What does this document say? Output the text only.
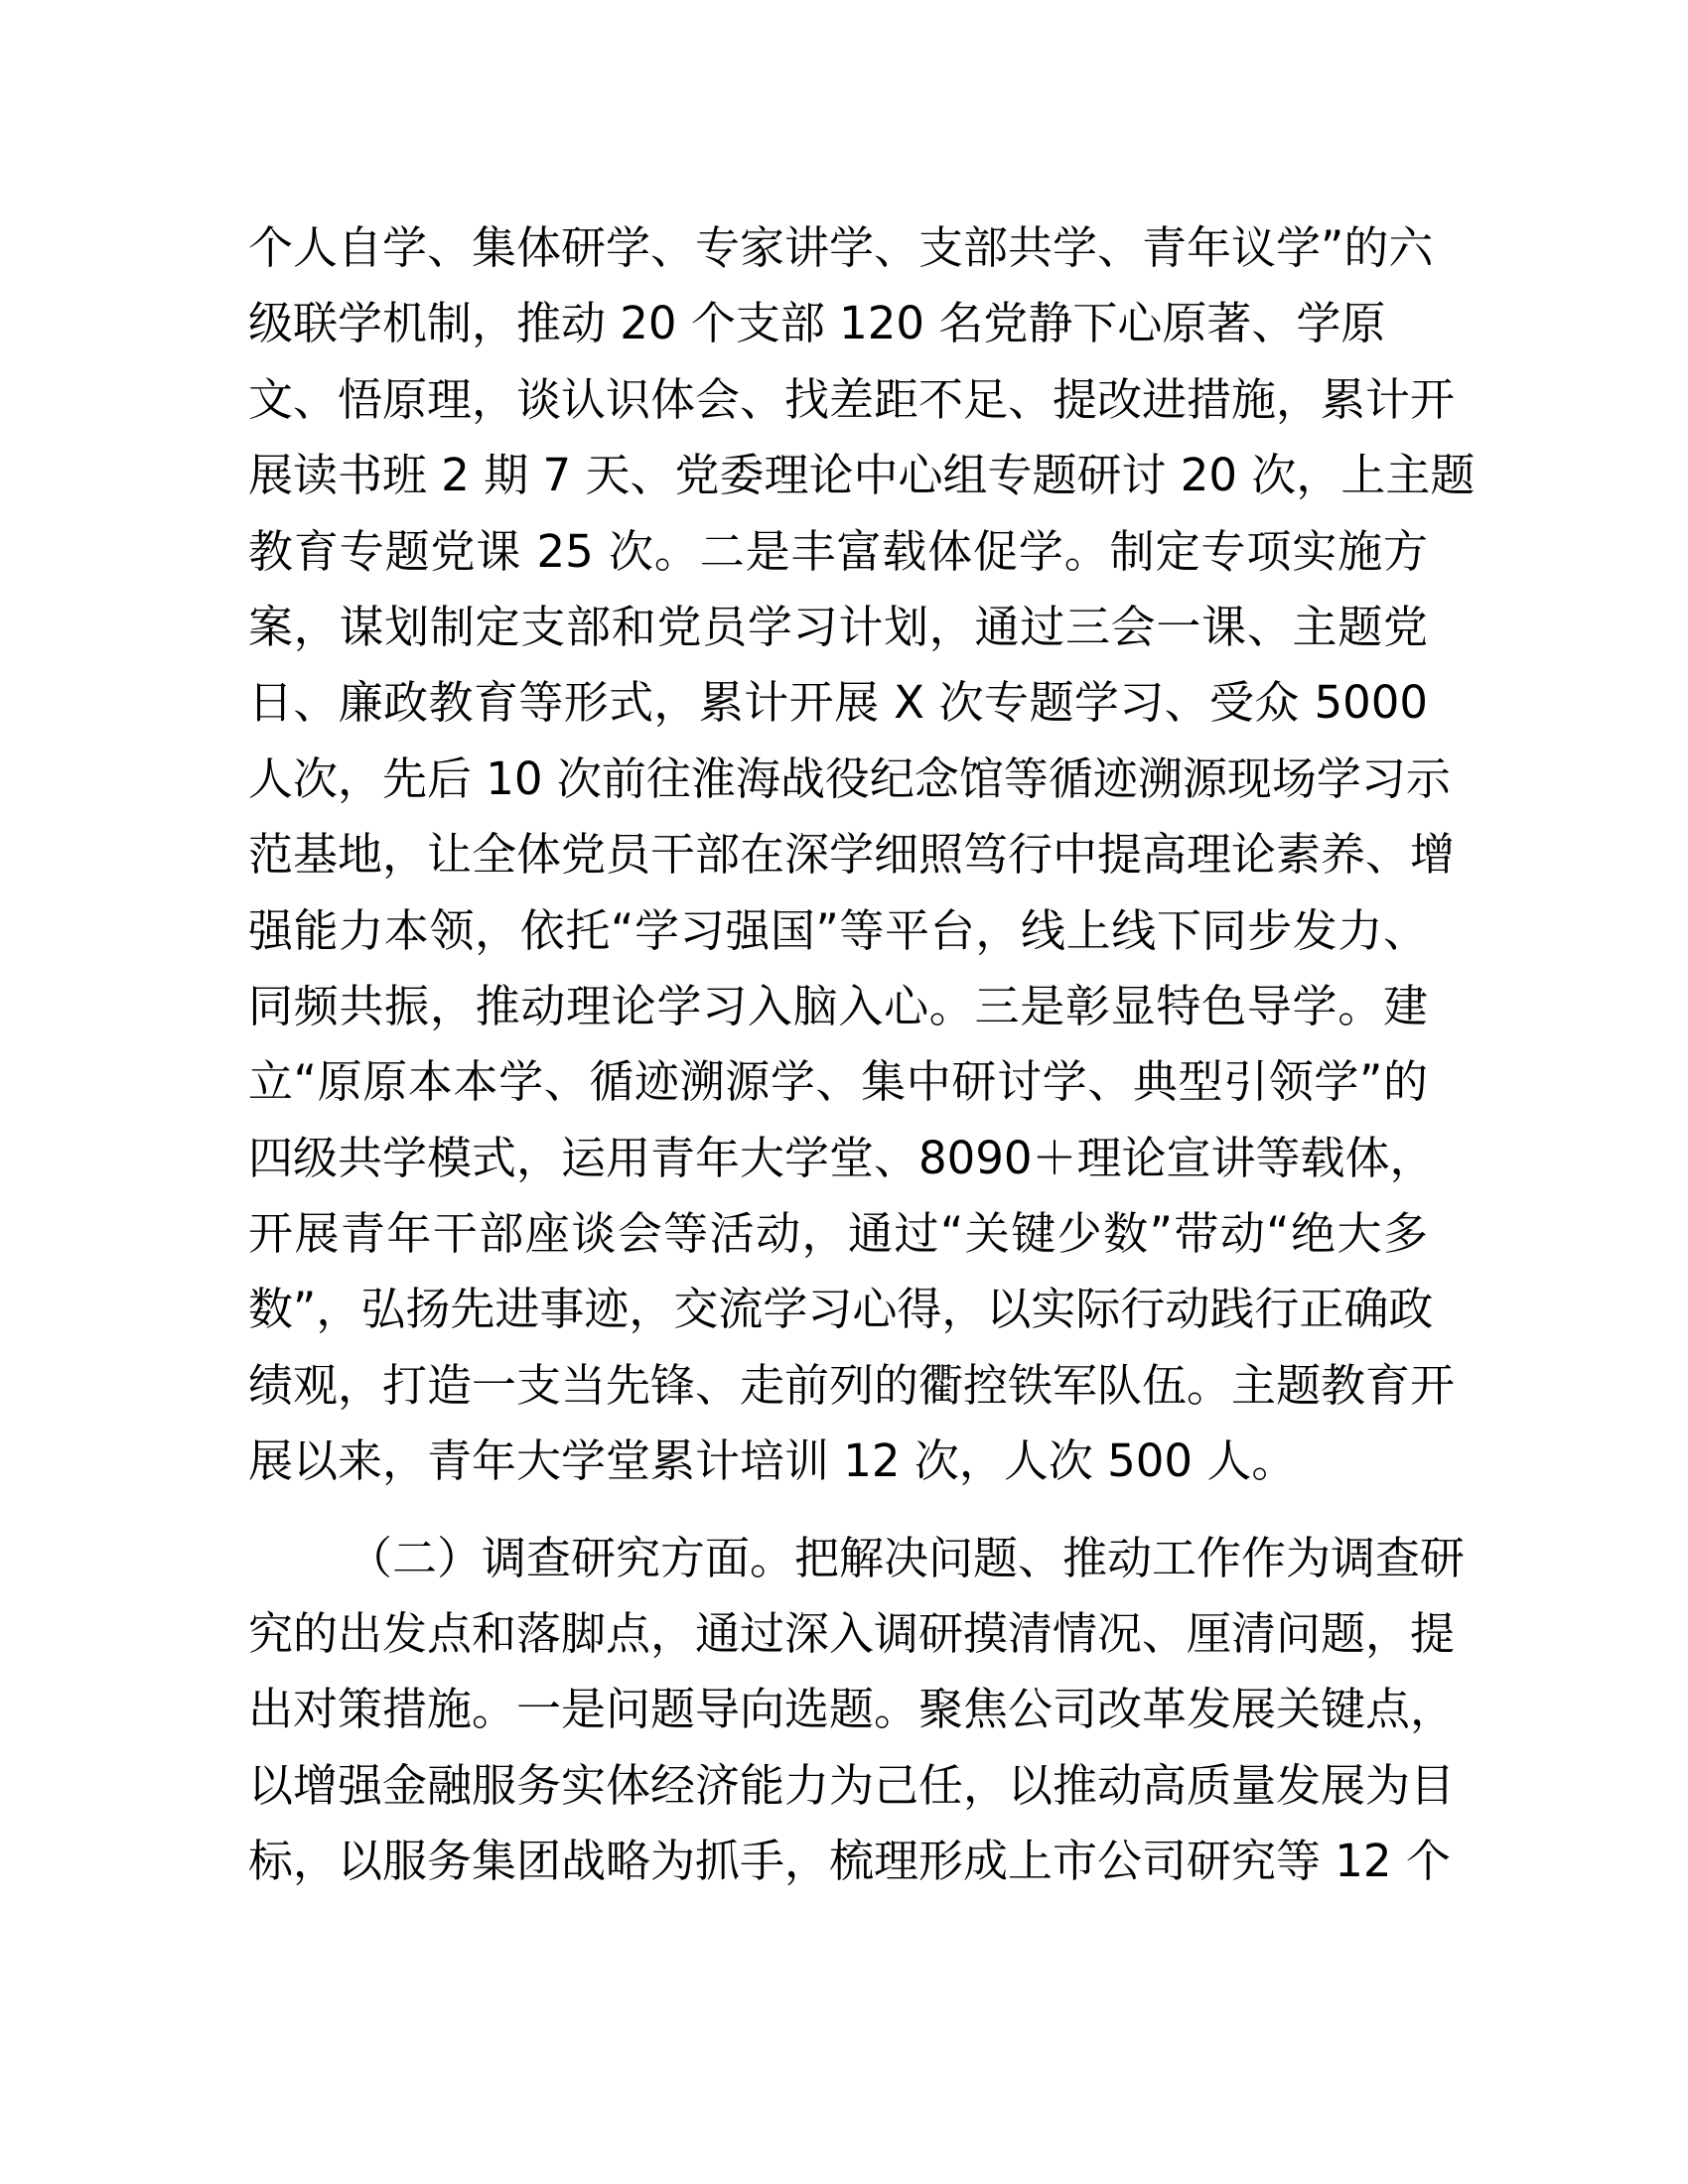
个人自学、集体研学、专家讲学、支部共学、青年议学”的六
级联学机制，推动 20 个支部 120 名党静下心原著、学原
文、悟原理，谈认识体会、找差距不足、提改进措施，累计开
展读书班 2 期 7 天、党委理论中心组专题研讨 20 次，上主题
教育专题党课 25 次。二是丰富载体促学。制定专项实施方
案，谋划制定支部和党员学习计划，通过三会一课、主题党
日、廉政教育等形式，累计开展 X 次专题学习、受众 5000
人次，先后 10 次前往淮海战役纪念馆等循迹溯源现场学习示
范基地，让全体党员干部在深学细照笃行中提高理论素养、增
强能力本领，依托“学习强国”等平台，线上线下同步发力、
同频共振，推动理论学习入脑入心。三是彰显特色导学。建
立“原原本本学、循迹溯源学、集中研讨学、典型引领学”的
四级共学模式，运用青年大学堂、8090＋理论宣讲等载体，
开展青年干部座谈会等活动，通过“关键少数”带动“绝大多
数”，弘扬先进事迹，交流学习心得，以实际行动践行正确政
绩观，打造一支当先锋、走前列的衢控铁军队伍。主题教育开
展以来，青年大学堂累计培训 12 次，人次 500 人。
（二）调查研究方面。把解决问题、推动工作作为调查研
究的出发点和落脚点，通过深入调研摸清情况、厘清问题，提
出对策措施。一是问题导向选题。聚焦公司改革发展关键点，
以增强金融服务实体经济能力为己任，以推动高质量发展为目
标，以服务集团战略为抓手，梳理形成上市公司研究等 12 个
